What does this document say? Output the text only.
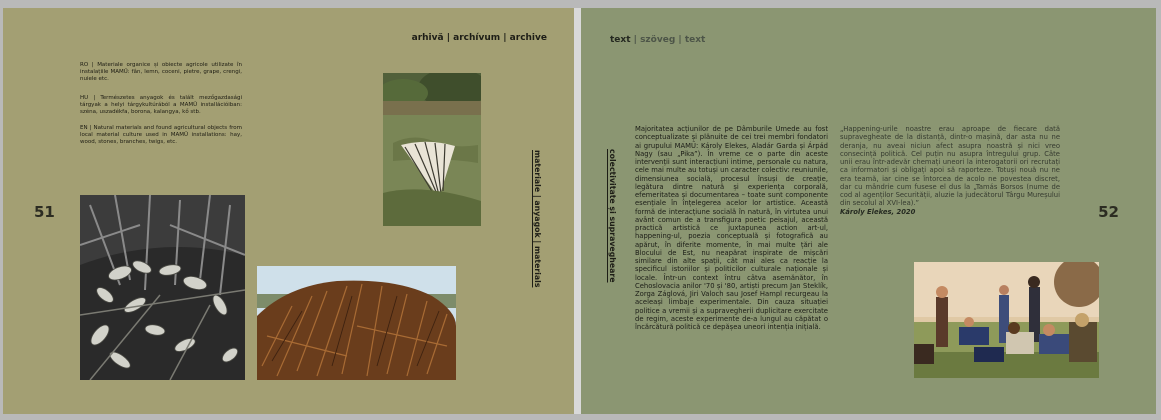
arhivă | archívum | archive
RO | Materiale organice și obiecte agricole utilizate în instalațiile MAMŰ: fân, lemn, coceni, pietre, grape, crengi, nuiele etc.
HU | Természetes anyagok és talált mezőgazdasági tárgyak a helyi tárgykultúrából a MAMŰ installációiban: széna, uszadékfa, borona, kalangya, kő stb.
EN | Natural materials and found agricultural objects from local material culture used in MAMŰ installations: hay, wood, stones, branches, twigs, etc.
51	materiale | anyagok | materials
text | szöveg | text
colectivitate și supravegheare
Majoritatea acțiunilor de pe Dâmburile Umede au fost conceptualizate și plănuite de cei trei membri fondatori ai grupului MAMŰ: Károly Elekes, Aladár Garda și Árpád Nagy (sau „Pika”). În vreme ce o parte din aceste intervenții sunt interacțiuni intime, personale cu natura, cele mai multe au totuși un caracter colectiv: reuniunile, dimensiunea socială, procesul însuși de creație, legătura dintre natură și experiența corporală, efemeritatea și documentarea – toate sunt componente esențiale în înțelegerea acelor lor artistice. Această formă de interacțiune socială în natură, în virtutea unui avânt comun de a transfigura poetic peisajul, această practică artistică ce juxtapunea action art-ul, happening-ul, poezia conceptuală și fotografică au apărut, în diferite momente, în mai multe țări ale Blocului de Est, nu neapărat inspirate de mișcări similare din alte spații, cât mai ales ca reacție la specificul istoriilor și politicilor culturale naționale și locale. Într-un context întru câtva asemănător, în Cehoslovacia anilor '70 și '80, artiști precum Jan Steklík, Zorga Záglová, Jiri Valoch sau Josef Hampl recurgeau la aceleași limbaje experimentale. Din cauza situației politice a vremii și a supravegherii duplicitare exercitate de regim, aceste experimente de-a lungul au căpătat o încărcătură politică ce depășea uneori intenția inițială.
„Happening-urile noastre erau aproape de fiecare dată supravegheate de la distanță, dintr-o mașină, dar asta nu ne deranja, nu aveai niciun afect asupra noastră și nici vreo consecință politică. Cel puțin nu asupra întregului grup. Câte unii erau într-adevăr chemați uneori la interogatorii ori recrutați ca informatori și obligați apoi să raporteze. Totuși nouă nu ne era teamă, iar cine se întorcea de acolo ne povestea discret, dar cu mândrie cum fusese el dus la „Tamás Borsos (nume de cod al agenților Securității, aluzie la judecătorul Târgu Mureșului din secolul al XVI-lea).”
Károly Elekes, 2020	52
